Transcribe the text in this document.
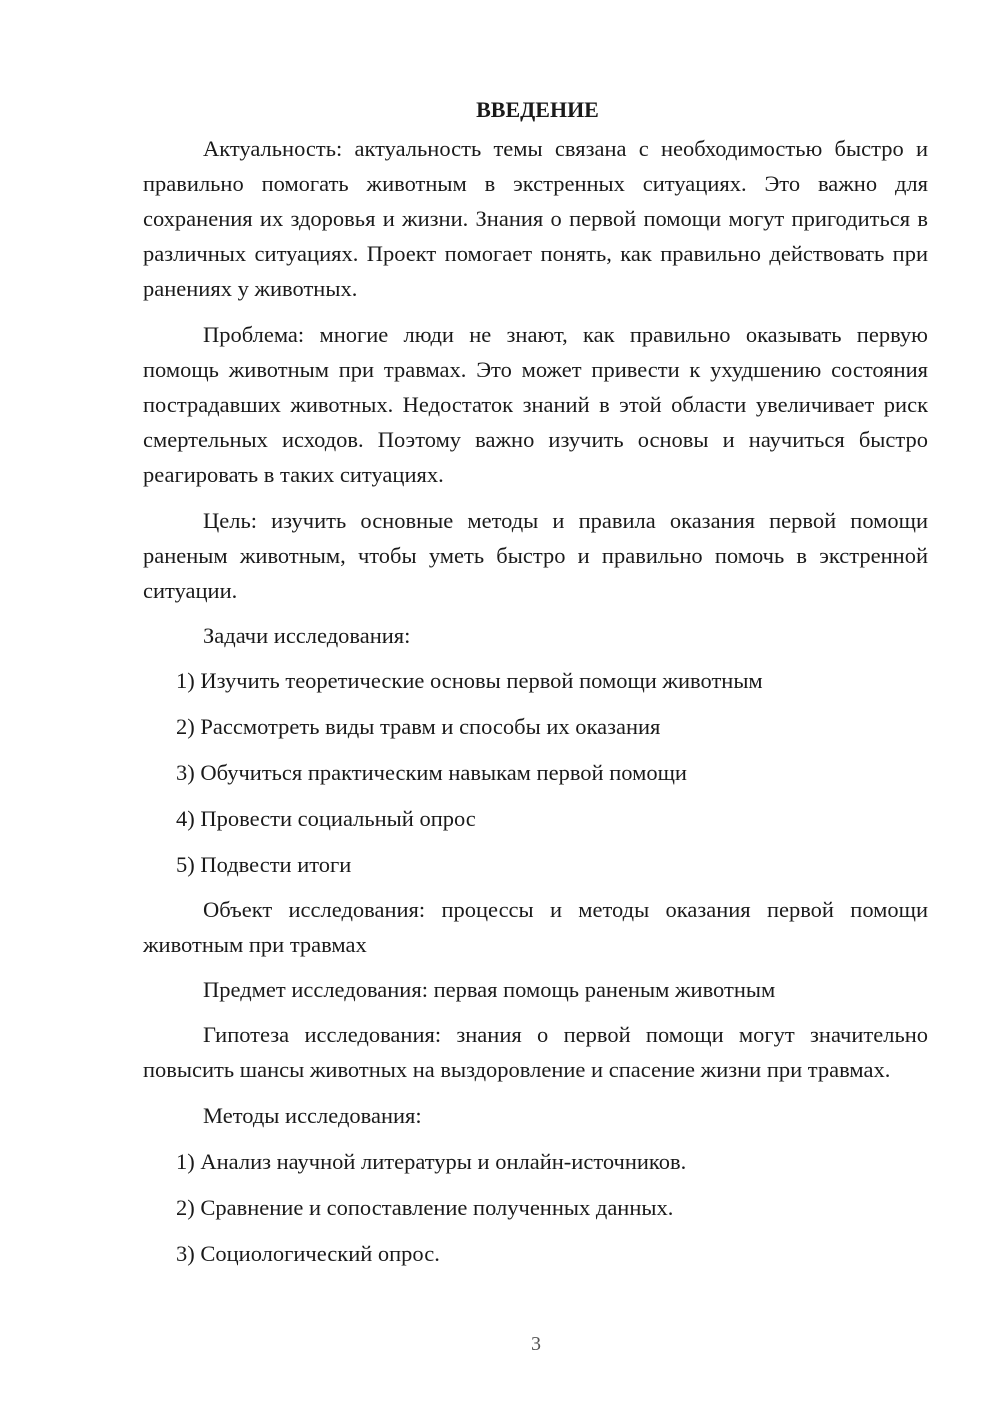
ВВЕДЕНИЕ

Актуальность: актуальность темы связана с необходимостью быстро и правильно помогать животным в экстренных ситуациях. Это важно для сохранения их здоровья и жизни. Знания о первой помощи могут пригодиться в различных ситуациях. Проект помогает понять, как правильно действовать при ранениях у животных.

Проблема: многие люди не знают, как правильно оказывать первую помощь животным при травмах. Это может привести к ухудшению состояния пострадавших животных. Недостаток знаний в этой области увеличивает риск смертельных исходов. Поэтому важно изучить основы и научиться быстро реагировать в таких ситуациях.

Цель: изучить основные методы и правила оказания первой помощи раненым животным, чтобы уметь быстро и правильно помочь в экстренной ситуации.

Задачи исследования:

1) Изучить теоретические основы первой помощи животным
2) Рассмотреть виды травм и способы их оказания
3) Обучиться практическим навыкам первой помощи
4) Провести социальный опрос
5) Подвести итоги

Объект исследования: процессы и методы оказания первой помощи животным при травмах

Предмет исследования: первая помощь раненым животным

Гипотеза исследования: знания о первой помощи могут значительно повысить шансы животных на выздоровление и спасение жизни при травмах.

Методы исследования:

1) Анализ научной литературы и онлайн-источников.
2) Сравнение и сопоставление полученных данных.
3) Социологический опрос.
3
